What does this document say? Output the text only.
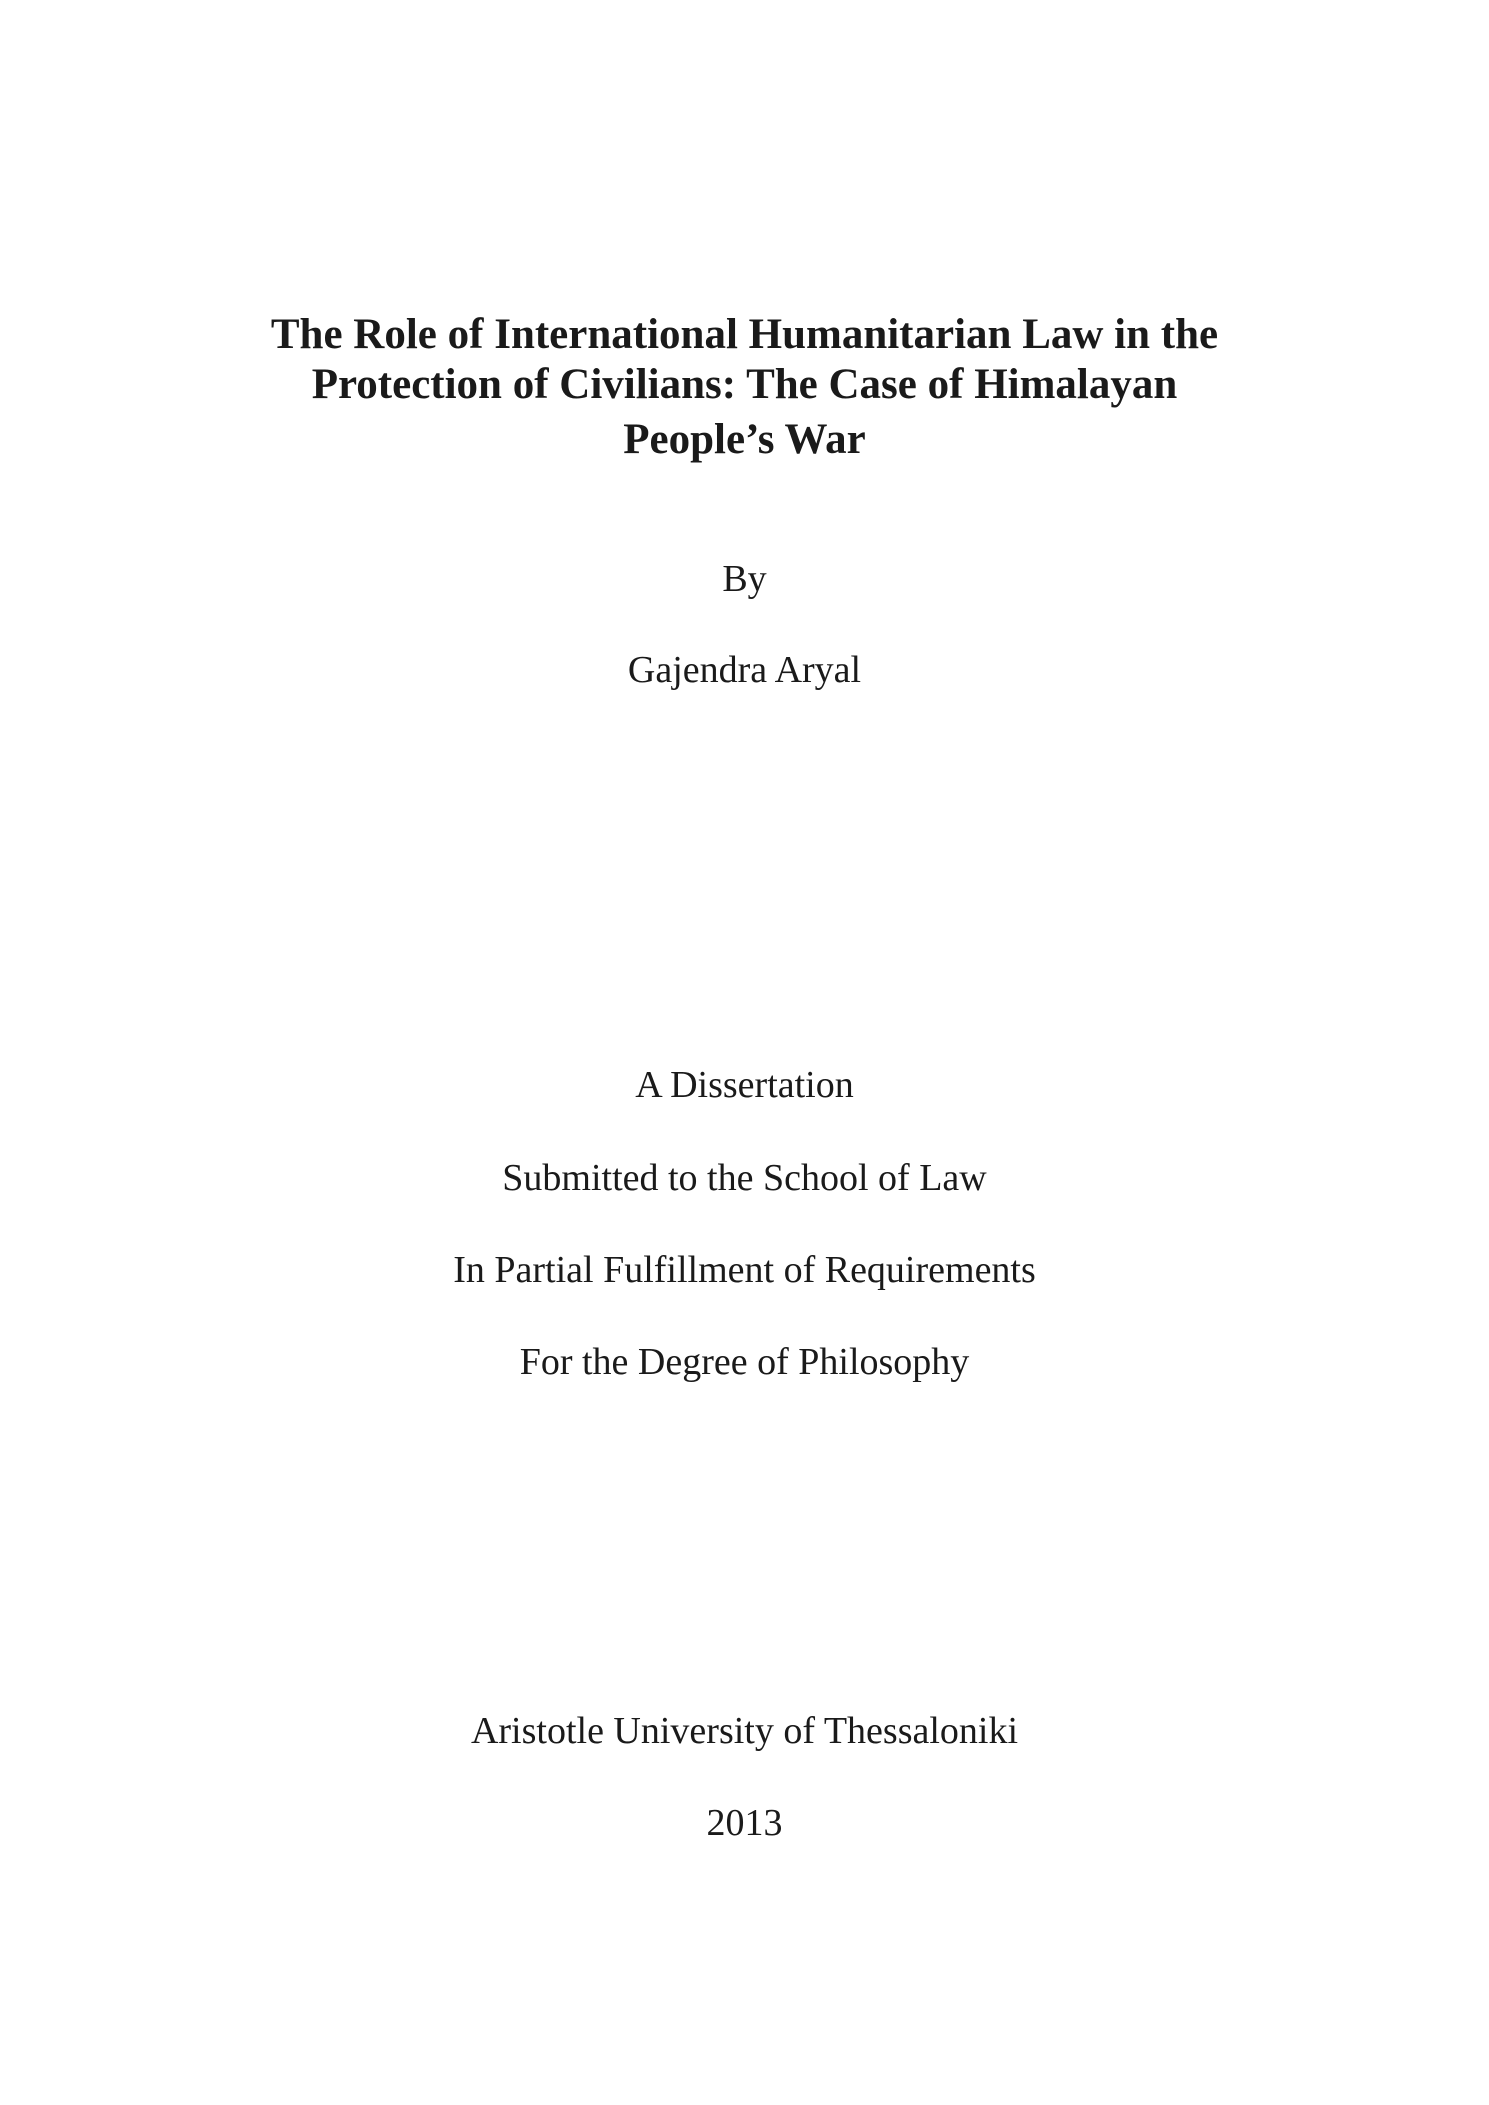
The Role of International Humanitarian Law in the
Protection of Civilians: The Case of Himalayan
People’s War

By

Gajendra Aryal

A Dissertation

Submitted to the School of Law

In Partial Fulfillment of Requirements

For the Degree of Philosophy

Aristotle University of Thessaloniki

2013
